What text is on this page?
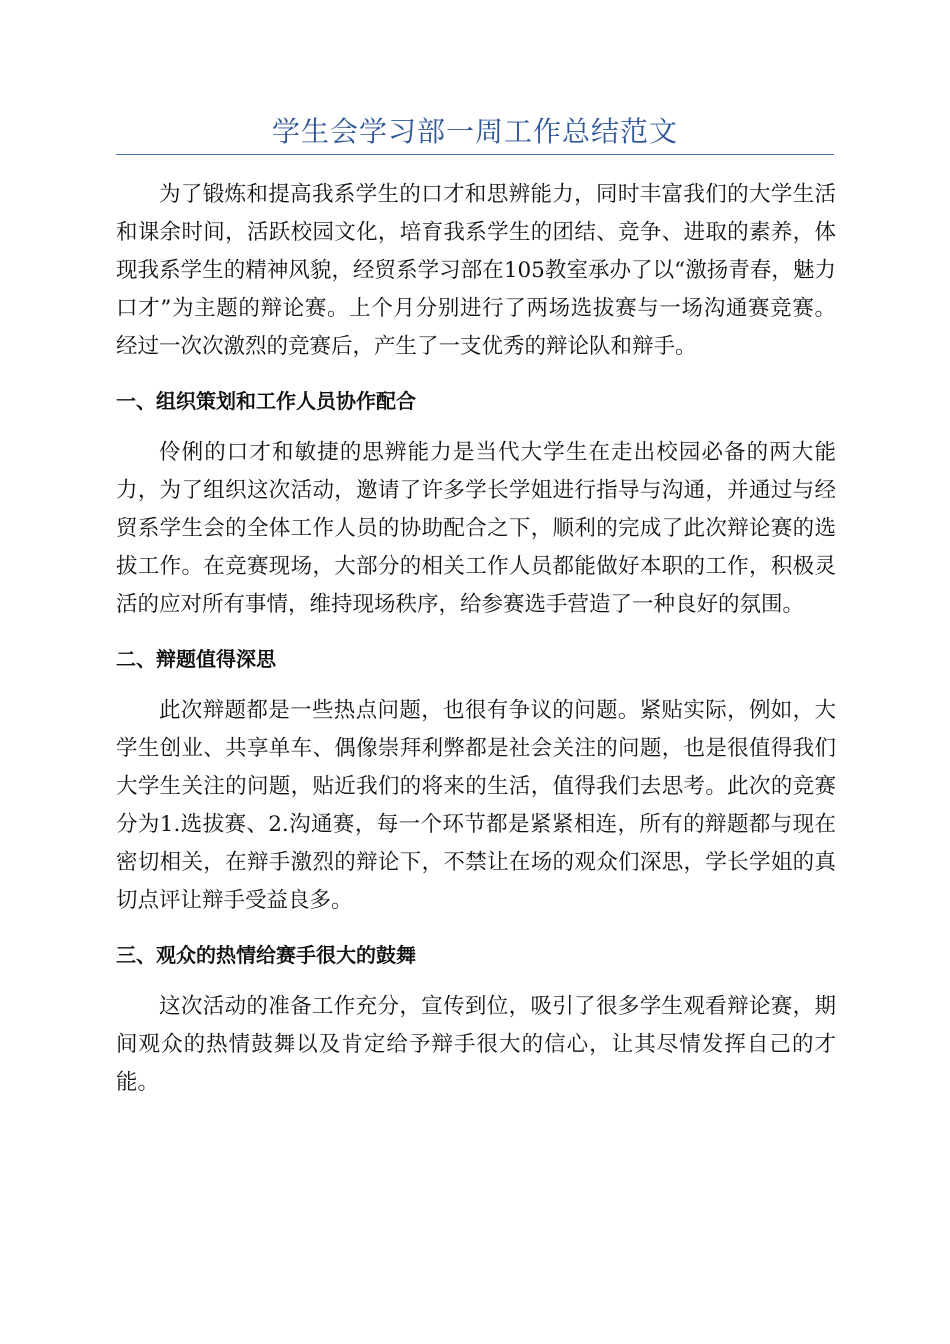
学生会学习部一周工作总结范文

为了锻炼和提高我系学生的口才和思辨能力，同时丰富我们的大学生活和课余时间，活跃校园文化，培育我系学生的团结、竞争、进取的素养，体现我系学生的精神风貌，经贸系学习部在105教室承办了以“激扬青春，魅力口才”为主题的辩论赛。上个月分别进行了两场选拔赛与一场沟通赛竞赛。经过一次次激烈的竞赛后，产生了一支优秀的辩论队和辩手。

一、组织策划和工作人员协作配合

伶俐的口才和敏捷的思辨能力是当代大学生在走出校园必备的两大能力，为了组织这次活动，邀请了许多学长学姐进行指导与沟通，并通过与经贸系学生会的全体工作人员的协助配合之下，顺利的完成了此次辩论赛的选拔工作。在竞赛现场，大部分的相关工作人员都能做好本职的工作，积极灵活的应对所有事情，维持现场秩序，给参赛选手营造了一种良好的氛围。

二、辩题值得深思

此次辩题都是一些热点问题，也很有争议的问题。紧贴实际，例如，大学生创业、共享单车、偶像崇拜利弊都是社会关注的问题，也是很值得我们大学生关注的问题，贴近我们的将来的生活，值得我们去思考。此次的竞赛分为1.选拔赛、2.沟通赛，每一个环节都是紧紧相连，所有的辩题都与现在密切相关，在辩手激烈的辩论下，不禁让在场的观众们深思，学长学姐的真切点评让辩手受益良多。

三、观众的热情给赛手很大的鼓舞

这次活动的准备工作充分，宣传到位，吸引了很多学生观看辩论赛，期间观众的热情鼓舞以及肯定给予辩手很大的信心，让其尽情发挥自己的才能。
